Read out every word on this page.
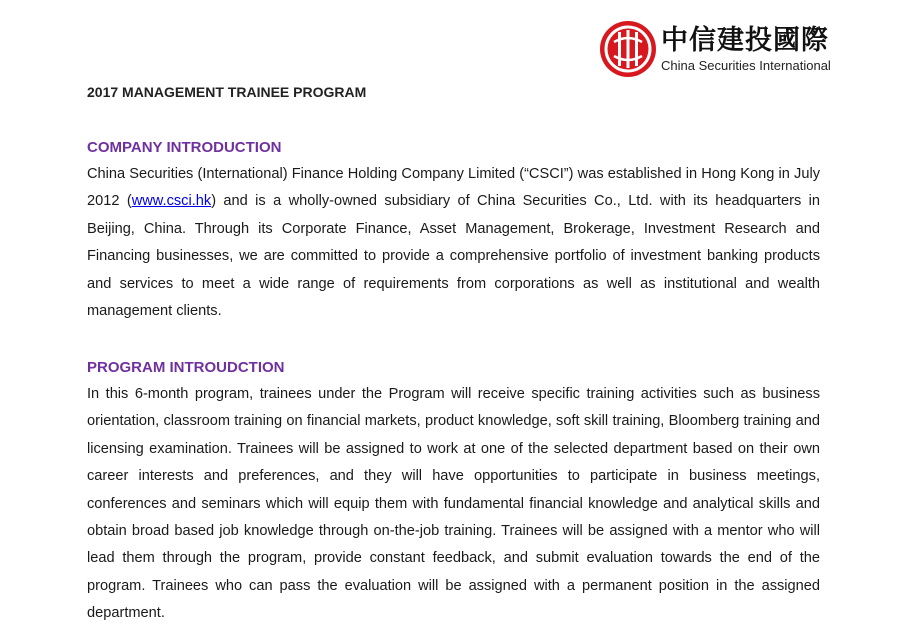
中信建投國際
China Securities International
2017 MANAGEMENT TRAINEE PROGRAM
COMPANY INTRODUCTION

China Securities (International) Finance Holding Company Limited (“CSCI”) was established in Hong Kong in July 2012 (www.csci.hk) and is a wholly-owned subsidiary of China Securities Co., Ltd. with its headquarters in Beijing, China. Through its Corporate Finance, Asset Management, Brokerage, Investment Research and Financing businesses, we are committed to provide a comprehensive portfolio of investment banking products and services to meet a wide range of requirements from corporations as well as institutional and wealth management clients.

PROGRAM INTROUDCTION

In this 6-month program, trainees under the Program will receive specific training activities such as business orientation, classroom training on financial markets, product knowledge, soft skill training, Bloomberg training and licensing examination. Trainees will be assigned to work at one of the selected department based on their own career interests and preferences, and they will have opportunities to participate in business meetings, conferences and seminars which will equip them with fundamental financial knowledge and analytical skills and obtain broad based job knowledge through on-the-job training. Trainees will be assigned with a mentor who will lead them through the program, provide constant feedback, and submit evaluation towards the end of the program. Trainees who can pass the evaluation will be assigned with a permanent position in the assigned department.
